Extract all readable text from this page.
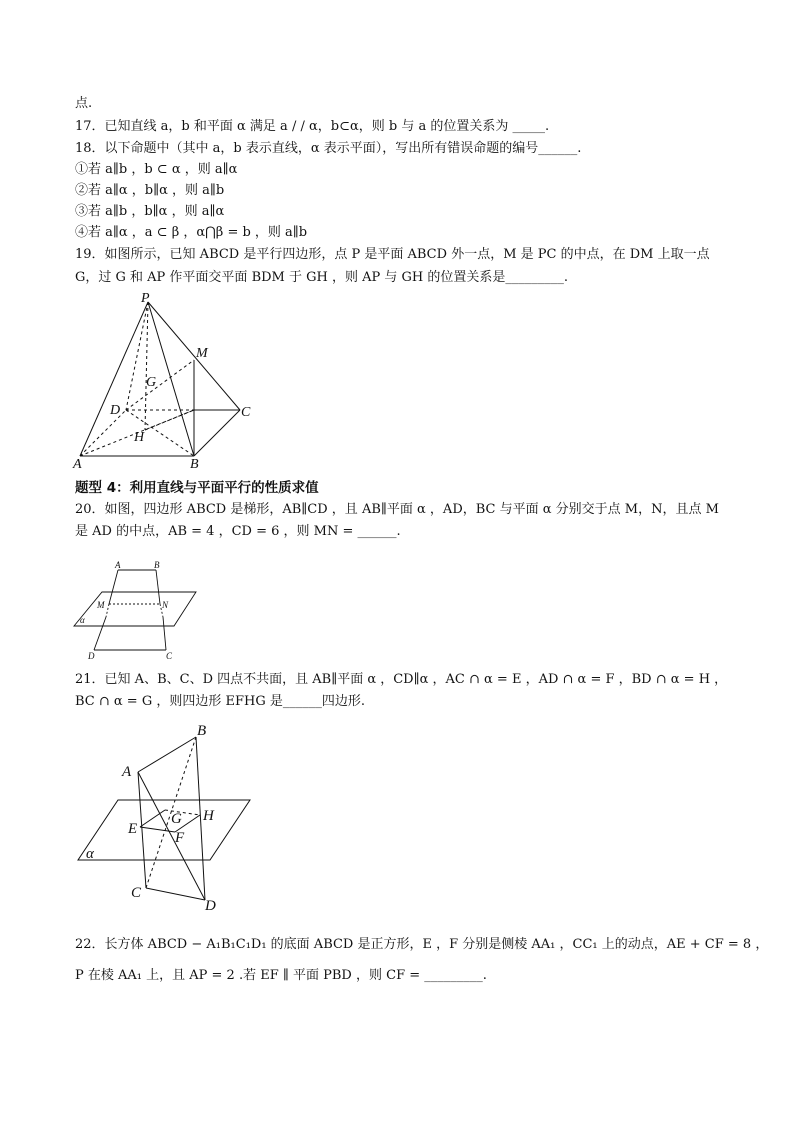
点.
17．已知直线 a，b 和平面 α 满足 a / / α，b⊂α，则 b 与 a 的位置关系为 _____.
18．以下命题中（其中 a，b 表示直线，α 表示平面），写出所有错误命题的编号______.
①若 a∥b ，b ⊂ α ，则 a∥α
②若 a∥α ，b∥α ，则 a∥b
③若 a∥b ，b∥α ，则 a∥α
④若 a∥α ，a ⊂ β ，α⋂β = b ，则 a∥b
19．如图所示，已知 ABCD 是平行四边形，点 P 是平面 ABCD 外一点，M 是 PC 的中点，在 DM 上取一点
G，过 G 和 AP 作平面交平面 BDM 于 GH ，则 AP 与 GH 的位置关系是_________.
P
M
G
D	C
H
A	B
题型 4：利用直线与平面平行的性质求值
20．如图，四边形 ABCD 是梯形，AB∥CD ，且 AB∥平面 α ，AD，BC 与平面 α 分别交于点 M，N，且点 M
是 AD 的中点，AB = 4 ，CD = 6 ，则 MN = ______.
A	B
M	N
α
D	C
21．已知 A、B、C、D 四点不共面，且 AB∥平面 α ，CD∥α ，AC ∩ α = E ，AD ∩ α = F ，BD ∩ α = H ，
BC ∩ α = G ，则四边形 EFHG 是______四边形.
B
A
E
G H
F
α
C
D
22．长方体 ABCD − A₁B₁C₁D₁ 的底面 ABCD 是正方形，E ，F 分别是侧棱 AA₁ ，CC₁ 上的动点，AE + CF = 8 ，
P 在棱 AA₁ 上，且 AP = 2 .若 EF ∥ 平面 PBD ，则 CF = _________.
